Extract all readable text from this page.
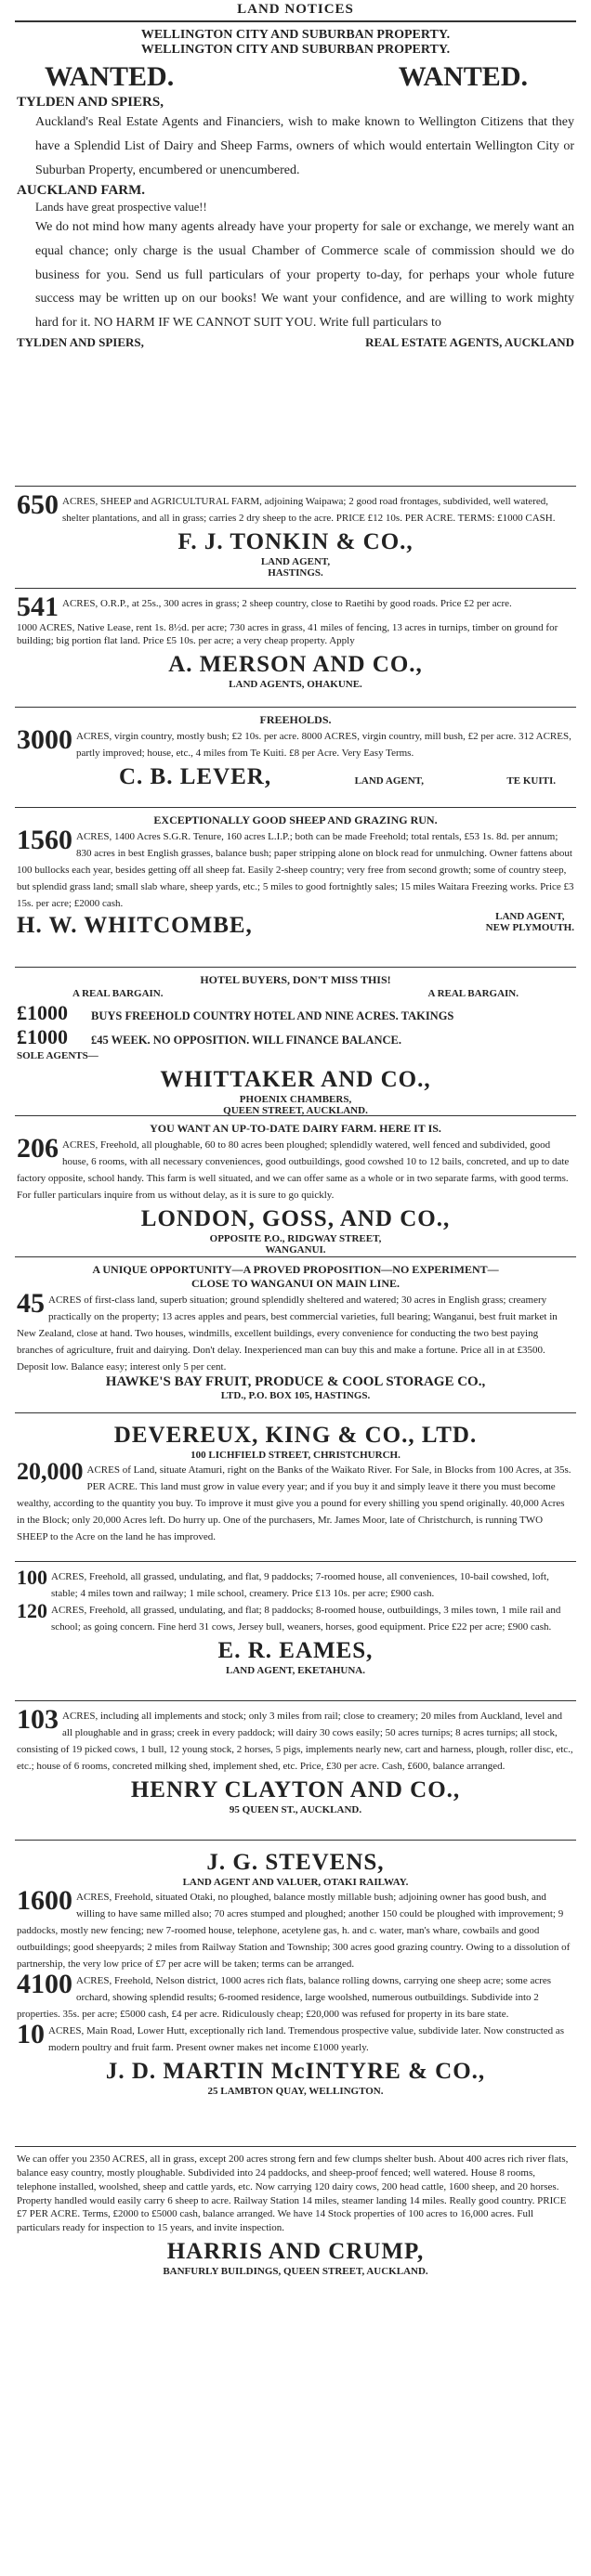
LAND NOTICES
WELLINGTON CITY AND SUBURBAN PROPERTY.
WELLINGTON CITY AND SUBURBAN PROPERTY.
WANTED.	WANTED.
TYLDEN AND SPIERS,
Auckland's Real Estate Agents and Financiers, wish to make known to Wellington Citizens that they have a Splendid List of Dairy and Sheep Farms, owners of which would entertain Wellington City or Suburban Property, encumbered or unencumbered.
AUCKLAND FARM.
Lands have great prospective value!!
We do not mind how many agents already have your property for sale or exchange, we merely want an equal chance; only charge is the usual Chamber of Commerce scale of commission should we do business for you. Send us full particulars of your property to-day, for perhaps your whole future success may be written up on our books! We want your confidence, and are willing to work mighty hard for it. NO HARM IF WE CANNOT SUIT YOU. Write full particulars to
TYLDEN AND SPIERS,	REAL ESTATE AGENTS, AUCKLAND
650 ACRES, SHEEP and AGRICULTURAL FARM, adjoining Waipawa; 2 good road frontages, subdivided, well watered, shelter plantations, and all in grass; carries 2 dry sheep to the acre. PRICE £12 10s. PER ACRE. TERMS: £1000 CASH.
F. J. TONKIN & CO.,
LAND AGENT,
HASTINGS.
541 ACRES, O.R.P., at 25s., 300 acres in grass; 2 sheep country, close to Raetihi by good roads. Price £2 per acre.
1000 ACRES, Native Lease, rent 1s. 8½d. per acre; 730 acres in grass, 41 miles of fencing, 13 acres in turnips, timber on ground for building; big portion flat land. Price £5 10s. per acre; a very cheap property. Apply
A. MERSON AND CO.,
LAND AGENTS, OHAKUNE.
FREEHOLDS.
3000 ACRES, virgin country, mostly bush; £2 10s. per acre. 8000 ACRES, virgin country, mill bush, £2 per acre. 312 ACRES, partly improved; house, etc., 4 miles from Te Kuiti. £8 per Acre. Very Easy Terms.
C. B. LEVER,	LAND AGENT,	TE KUITI.
EXCEPTIONALLY GOOD SHEEP AND GRAZING RUN.
1560 ACRES, 1400 Acres S.G.R. Tenure, 160 acres L.I.P.; both can be made Freehold; total rentals, £53 1s. 8d. per annum; 830 acres in best English grasses, balance bush; paper stripping alone on block read for unmulching. Owner fattens about 100 bullocks each year, besides getting off all sheep fat. Easily 2-sheep country; very free from second growth; some of country steep, but splendid grass land; small slab whare, sheep yards, etc.; 5 miles to good fortnightly sales; 15 miles Waitara Freezing works. Price £3 15s. per acre; £2000 cash.
H. W. WHITCOMBE,	LAND AGENT,
NEW PLYMOUTH.
HOTEL BUYERS, DON'T MISS THIS!
A REAL BARGAIN.	A REAL BARGAIN.
£1000	BUYS FREEHOLD COUNTRY HOTEL AND NINE ACRES. TAKINGS
£1000	£45 WEEK. NO OPPOSITION. WILL FINANCE BALANCE.
SOLE AGENTS—
WHITTAKER AND CO.,
PHOENIX CHAMBERS,
QUEEN STREET, AUCKLAND.
YOU WANT AN UP-TO-DATE DAIRY FARM. HERE IT IS.
206 ACRES, Freehold, all ploughable, 60 to 80 acres been ploughed; splendidly watered, well fenced and subdivided, good house, 6 rooms, with all necessary conveniences, good outbuildings, good cowshed 10 to 12 bails, concreted, and up to date factory opposite, school handy. This farm is well situated, and we can offer same as a whole or in two separate farms, with good terms. For fuller particulars inquire from us without delay, as it is sure to go quickly.
LONDON, GOSS, AND CO.,
OPPOSITE P.O., RIDGWAY STREET,
WANGANUI.
A UNIQUE OPPORTUNITY—A PROVED PROPOSITION—NO EXPERIMENT—
CLOSE TO WANGANUI ON MAIN LINE.
45 ACRES of first-class land, superb situation; ground splendidly sheltered and watered; 30 acres in English grass; creamery practically on the property; 13 acres apples and pears, best commercial varieties, full bearing; Wanganui, best fruit market in New Zealand, close at hand. Two houses, windmills, excellent buildings, every convenience for conducting the two best paying branches of agriculture, fruit and dairying. Don't delay. Inexperienced man can buy this and make a fortune. Price all in at £3500. Deposit low. Balance easy; interest only 5 per cent.
HAWKE'S BAY FRUIT, PRODUCE & COOL STORAGE CO.,
LTD., P.O. BOX 105, HASTINGS.
DEVEREUX, KING & CO., LTD.
100 LICHFIELD STREET, CHRISTCHURCH.
20,000 ACRES of Land, situate Atamuri, right on the Banks of the Waikato River. For Sale, in Blocks from 100 Acres, at 35s. PER ACRE. This land must grow in value every year; and if you buy it and simply leave it there you must become wealthy, according to the quantity you buy. To improve it must give you a pound for every shilling you spend originally. 40,000 Acres in the Block; only 20,000 Acres left. Do hurry up. One of the purchasers, Mr. James Moor, late of Christchurch, is running TWO SHEEP to the Acre on the land he has improved.
100 ACRES, Freehold, all grassed, undulating, and flat, 9 paddocks; 7-roomed house, all conveniences, 10-bail cowshed, loft, stable; 4 miles town and railway; 1 mile school, creamery. Price £13 10s. per acre; £900 cash.
120 ACRES, Freehold, all grassed, undulating, and flat; 8 paddocks; 8-roomed house, outbuildings, 3 miles town, 1 mile rail and school; as going concern. Fine herd 31 cows, Jersey bull, weaners, horses, good equipment. Price £22 per acre; £900 cash.
E. R. EAMES,
LAND AGENT, EKETAHUNA.
103 ACRES, including all implements and stock; only 3 miles from rail; close to creamery; 20 miles from Auckland, level and all ploughable and in grass; creek in every paddock; will dairy 30 cows easily; 50 acres turnips; 8 acres turnips; all stock, consisting of 19 picked cows, 1 bull, 12 young stock, 2 horses, 5 pigs, implements nearly new, cart and harness, plough, roller disc, etc., etc.; house of 6 rooms, concreted milking shed, implement shed, etc. Price, £30 per acre. Cash, £600, balance arranged.
HENRY CLAYTON AND CO.,
95 QUEEN ST., AUCKLAND.
J. G. STEVENS,
LAND AGENT AND VALUER, OTAKI RAILWAY.
1600 ACRES, Freehold, situated Otaki, no ploughed, balance mostly millable bush; adjoining owner has good bush, and willing to have same milled also; 70 acres stumped and ploughed; another 150 could be ploughed with improvement; 9 paddocks, mostly new fencing; new 7-roomed house, telephone, acetylene gas, h. and c. water, man's whare, cowbails and good outbuildings; good sheepyards; 2 miles from Railway Station and Township; 300 acres good grazing country. Owing to a dissolution of partnership, the very low price of £7 per acre will be taken; terms can be arranged.
4100 ACRES, Freehold, Nelson district, 1000 acres rich flats, balance rolling downs, carrying one sheep acre; some acres orchard, showing splendid results; 6-roomed residence, large woolshed, numerous outbuildings. Subdivide into 2 properties. 35s. per acre; £5000 cash, £4 per acre. Ridiculously cheap; £20,000 was refused for property in its bare state.
10 ACRES, Main Road, Lower Hutt, exceptionally rich land. Tremendous prospective value, subdivide later. Now constructed as modern poultry and fruit farm. Present owner makes net income £1000 yearly.
J. D. MARTIN McINTYRE & CO.,
25 LAMBTON QUAY, WELLINGTON.
We can offer you 2350 ACRES, all in grass, except 200 acres strong fern and few clumps shelter bush. About 400 acres rich river flats, balance easy country, mostly ploughable. Subdivided into 24 paddocks, and sheep-proof fenced; well watered. House 8 rooms, telephone installed, woolshed, sheep and cattle yards, etc. Now carrying 120 dairy cows, 200 head cattle, 1600 sheep, and 20 horses. Property handled would easily carry 6 sheep to acre. Railway Station 14 miles, steamer landing 14 miles. Really good country. PRICE £7 PER ACRE. Terms, £2000 to £5000 cash, balance arranged. We have 14 Stock properties of 100 acres to 16,000 acres. Full particulars ready for inspection to 15 years, and invite inspection.
HARRIS AND CRUMP,
BANFURLY BUILDINGS, QUEEN STREET, AUCKLAND.
